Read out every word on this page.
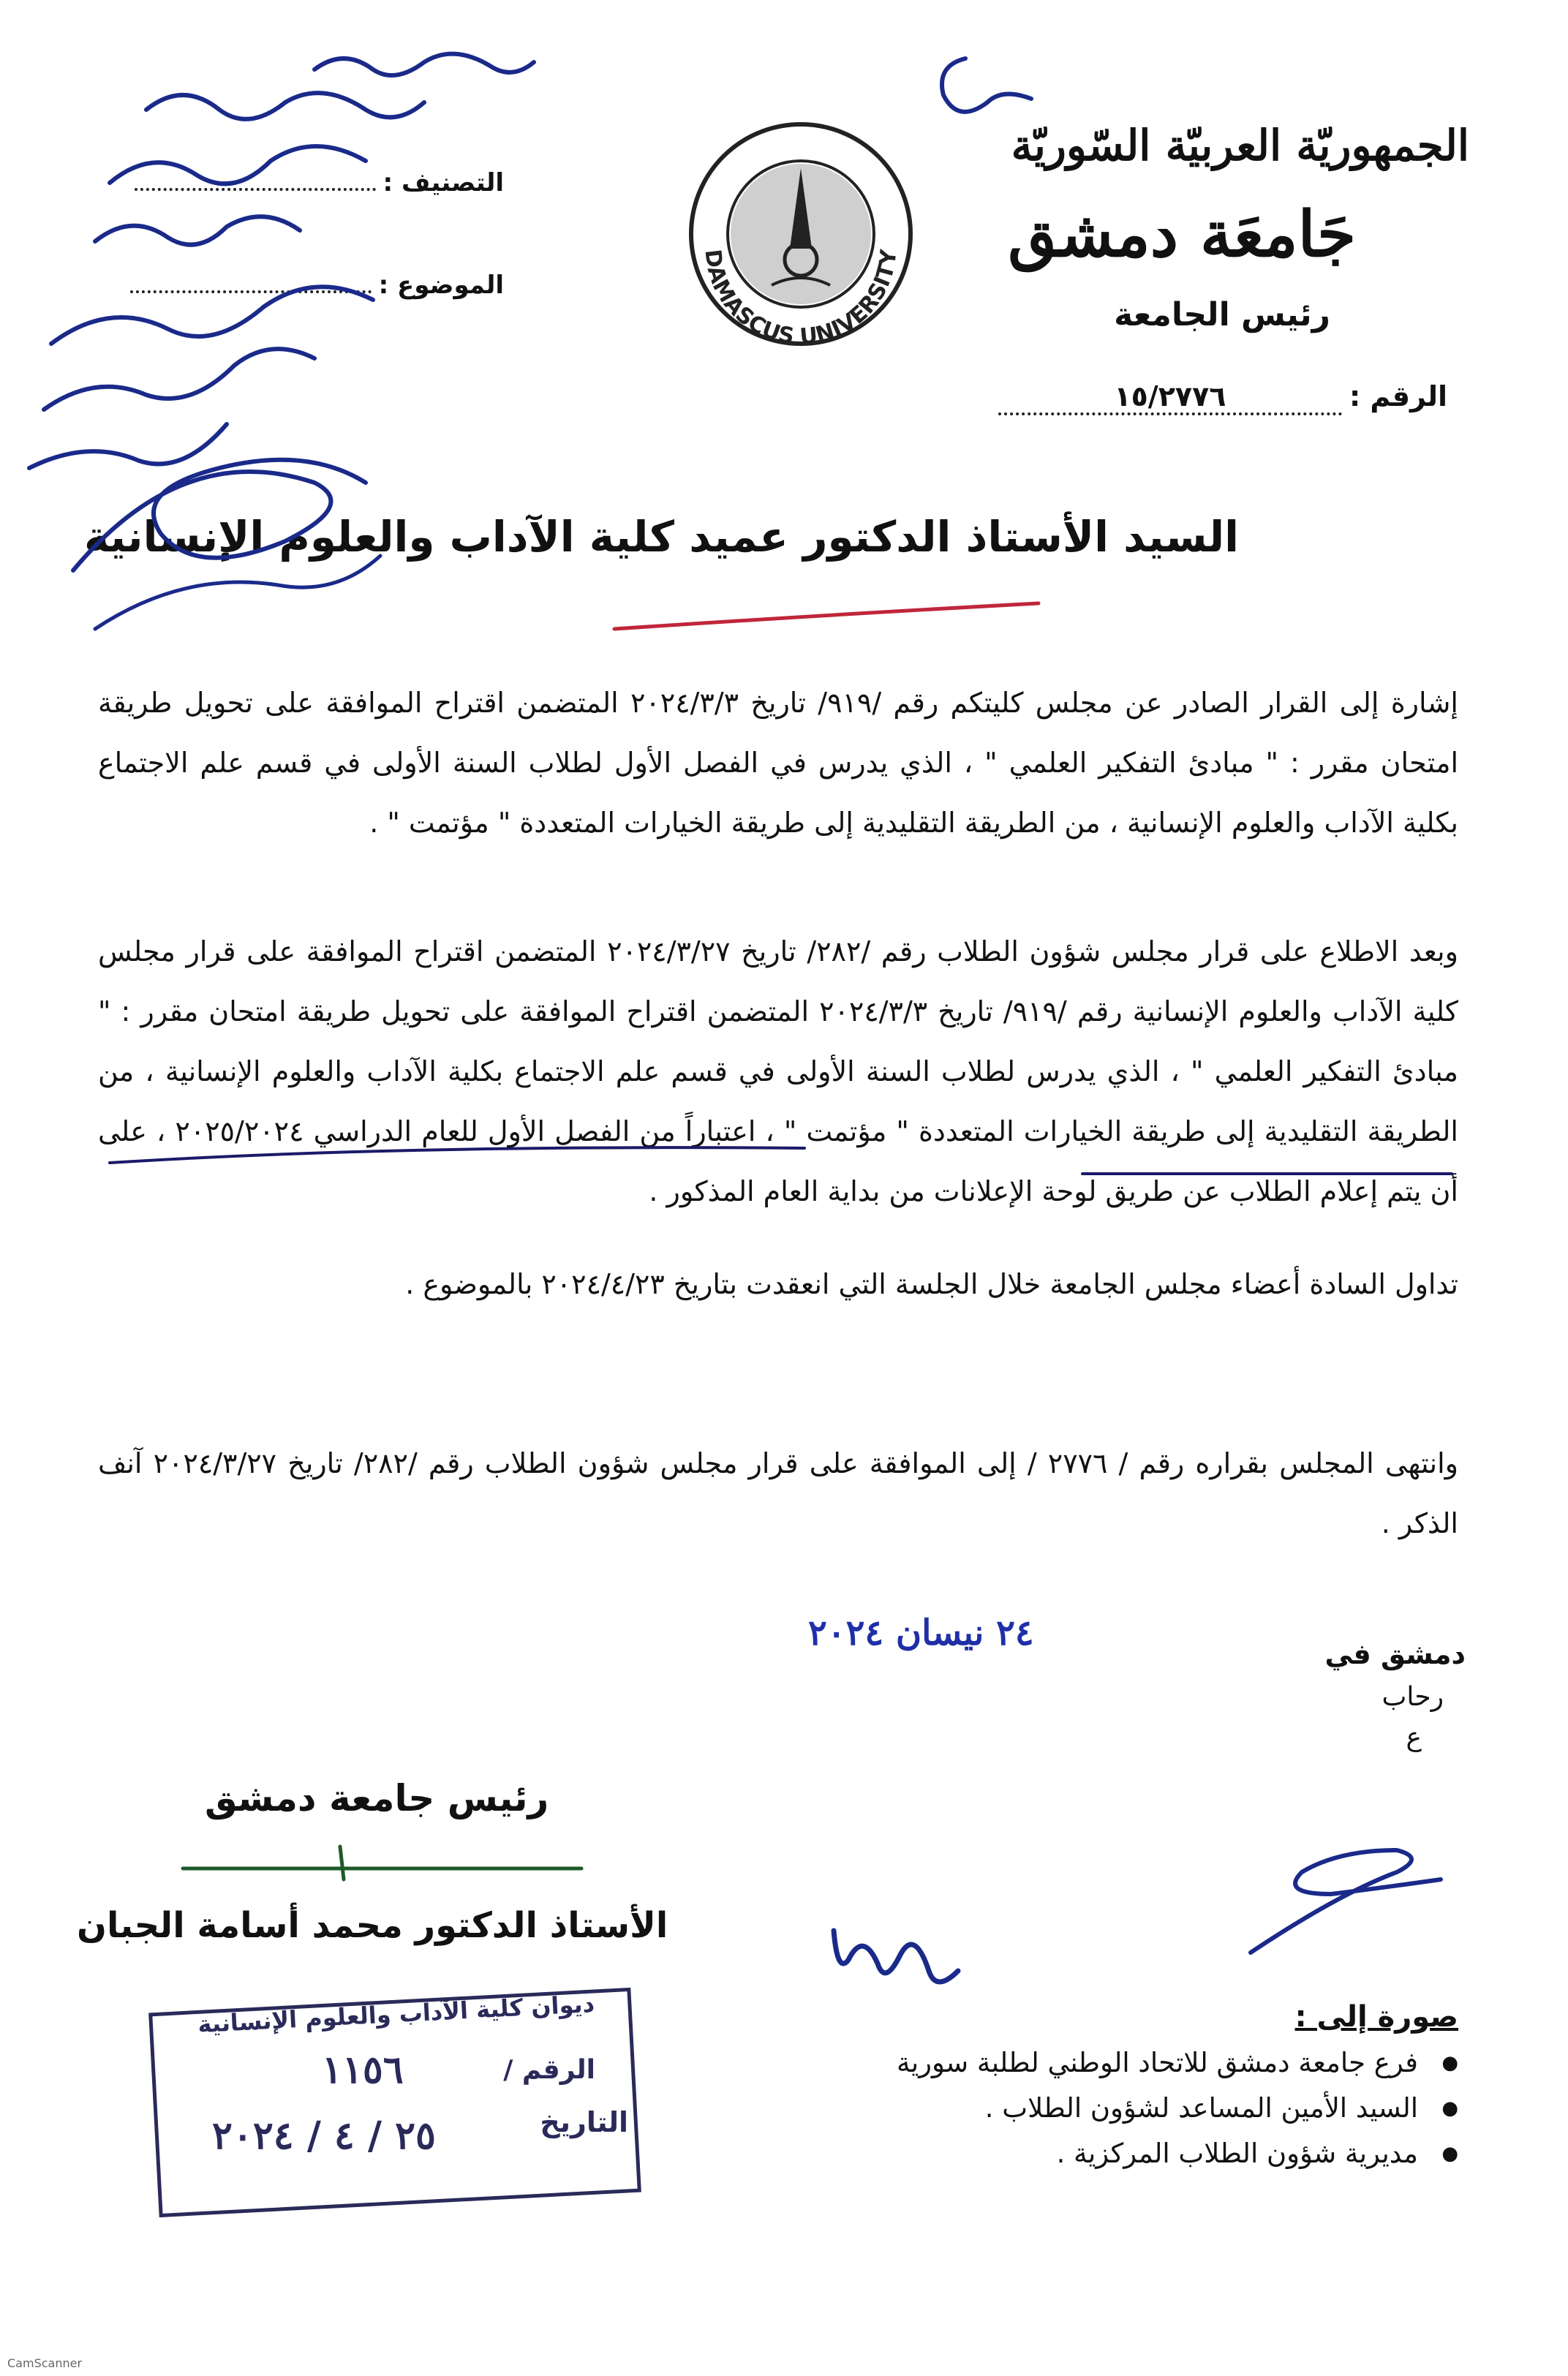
الجمهوريّة العربيّة السّوريّة
جَامعَة دمشق
رئيس الجامعة
الرقم :
١٥/٢٧٧٦
التصنيف :
الموضوع :
DAMASCUS UNIVERSITY
السيد الأستاذ الدكتور عميد كلية الآداب والعلوم الإنسانية
إشارة إلى القرار الصادر عن مجلس كليتكم رقم /٩١٩/ تاريخ ٢٠٢٤/٣/٣ المتضمن اقتراح الموافقة على تحويل طريقة امتحان مقرر : " مبادئ التفكير العلمي " ، الذي يدرس في الفصل الأول لطلاب السنة الأولى في قسم علم الاجتماع بكلية الآداب والعلوم الإنسانية ، من الطريقة التقليدية إلى طريقة الخيارات المتعددة " مؤتمت " .
وبعد الاطلاع على قرار مجلس شؤون الطلاب رقم /٢٨٢/ تاريخ ٢٠٢٤/٣/٢٧ المتضمن اقتراح الموافقة على قرار مجلس كلية الآداب والعلوم الإنسانية رقم /٩١٩/ تاريخ ٢٠٢٤/٣/٣ المتضمن اقتراح الموافقة على تحويل طريقة امتحان مقرر : " مبادئ التفكير العلمي " ، الذي يدرس لطلاب السنة الأولى في قسم علم الاجتماع بكلية الآداب والعلوم الإنسانية ، من الطريقة التقليدية إلى طريقة الخيارات المتعددة " مؤتمت " ، اعتباراً من الفصل الأول للعام الدراسي ٢٠٢٥/٢٠٢٤ ، على أن يتم إعلام الطلاب عن طريق لوحة الإعلانات من بداية العام المذكور .
تداول السادة أعضاء مجلس الجامعة خلال الجلسة التي انعقدت بتاريخ ٢٠٢٤/٤/٢٣ بالموضوع .
وانتهى المجلس بقراره رقم / ٢٧٧٦ / إلى الموافقة على قرار مجلس شؤون الطلاب رقم /٢٨٢/ تاريخ ٢٠٢٤/٣/٢٧ آنف الذكر .
٢٤ نيسان ٢٠٢٤
دمشق في
رحاب
ع
رئيس جامعة دمشق
الأستاذ الدكتور محمد أسامة الجبان
صورة إلى :
● فرع جامعة دمشق للاتحاد الوطني لطلبة سورية
● السيد الأمين المساعد لشؤون الطلاب .
● مديرية شؤون الطلاب المركزية .
ديوان كلية الآداب والعلوم الإنسانية
الرقم /
١١٥٦
التاريخ
٢٥ / ٤ / ٢٠٢٤
CamScanner
